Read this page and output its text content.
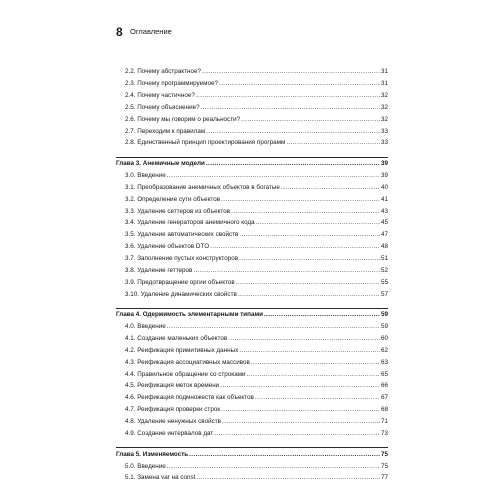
8 Оглавление
2.2. Почему абстрактное? .....	31
2.3. Почему программируемое? .....	31
2.4. Почему частичное? .....	32
2.5. Почему объяснение? .....	32
2.6. Почему мы говорим о реальности? .....	32
2.7. Переходим к правилам .....	33
2.8. Единственный принцип проектирования программ .....	33
Глава 3. Анемичные модели .....	39
3.0. Введение .....	39
3.1. Преобразование анемичных объектов в богатые .....	40
3.2. Определение сути объектов .....	41
3.3. Удаление сеттеров из объектов .....	43
3.4. Удаление генераторов анемичного кода .....	45
3.5. Удаление автоматических свойств .....	47
3.6. Удаление объектов DTO .....	48
3.7. Заполнение пустых конструкторов .....	51
3.8. Удаление геттеров .....	52
3.9. Предотвращение оргии объектов .....	55
3.10. Удаление динамических свойств .....	57
Глава 4. Одержимость элементарными типами .....	59
4.0. Введение .....	59
4.1. Создание маленьких объектов .....	60
4.2. Реификация примитивных данных .....	62
4.3. Реификация ассоциативных массивов .....	63
4.4. Правильное обращение со строками .....	65
4.5. Реификация меток времени .....	66
4.6. Реификация подмножеств как объектов .....	67
4.7. Реификация проверки строк .....	68
4.8. Удаление ненужных свойств .....	71
4.9. Создание интервалов дат .....	73
Глава 5. Изменяемость .....	75
5.0. Введение .....	75
5.1. Замена var на const .....	77
